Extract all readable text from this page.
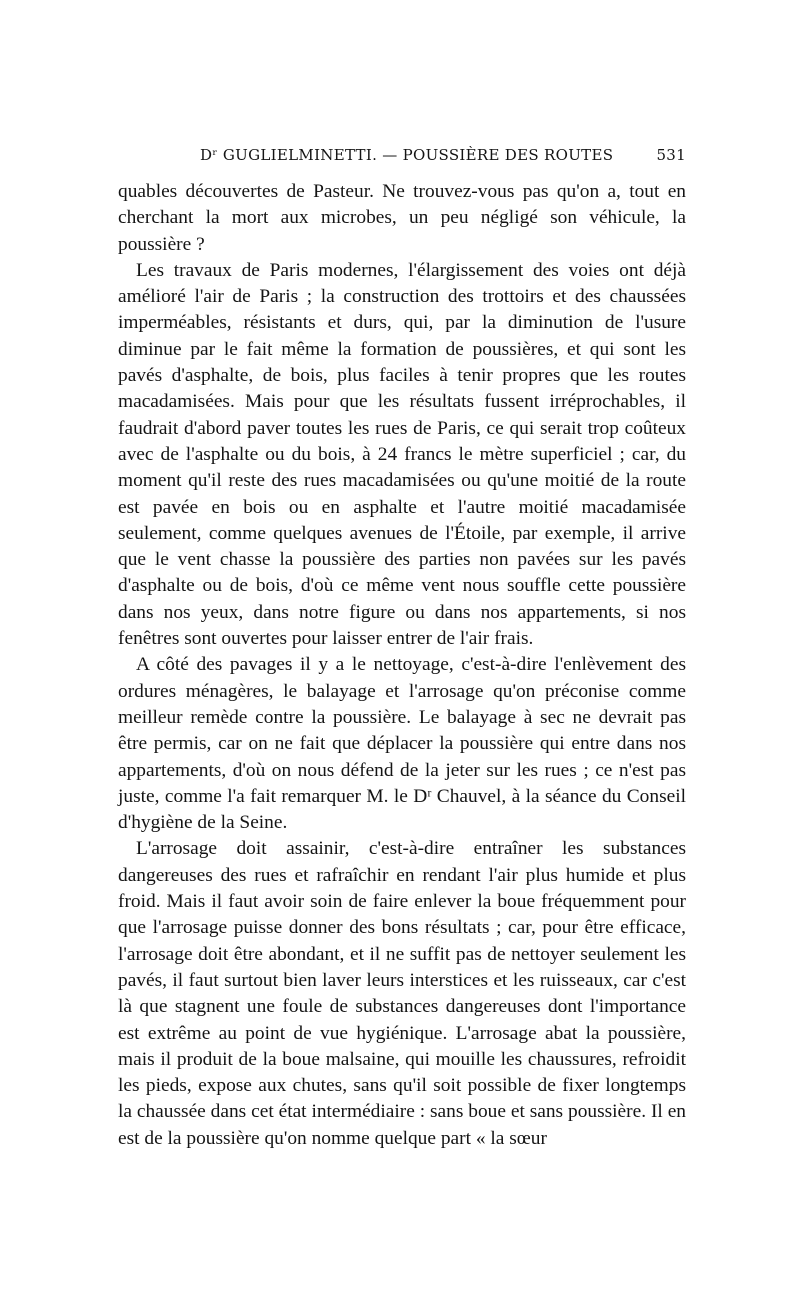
Dʳ GUGLIELMINETTI. — POUSSIÈRE DES ROUTES	531

quables découvertes de Pasteur. Ne trouvez-vous pas qu'on a, tout en cherchant la mort aux microbes, un peu négligé son véhicule, la poussière ?

Les travaux de Paris modernes, l'élargissement des voies ont déjà amélioré l'air de Paris ; la construction des trottoirs et des chaussées imperméables, résistants et durs, qui, par la diminution de l'usure diminue par le fait même la formation de poussières, et qui sont les pavés d'asphalte, de bois, plus faciles à tenir propres que les routes macadamisées. Mais pour que les résultats fussent irréprochables, il faudrait d'abord paver toutes les rues de Paris, ce qui serait trop coûteux avec de l'asphalte ou du bois, à 24 francs le mètre superficiel ; car, du moment qu'il reste des rues macadamisées ou qu'une moitié de la route est pavée en bois ou en asphalte et l'autre moitié macadamisée seulement, comme quelques avenues de l'Étoile, par exemple, il arrive que le vent chasse la poussière des parties non pavées sur les pavés d'asphalte ou de bois, d'où ce même vent nous souffle cette poussière dans nos yeux, dans notre figure ou dans nos appartements, si nos fenêtres sont ouvertes pour laisser entrer de l'air frais.

A côté des pavages il y a le nettoyage, c'est-à-dire l'enlèvement des ordures ménagères, le balayage et l'arrosage qu'on préconise comme meilleur remède contre la poussière. Le balayage à sec ne devrait pas être permis, car on ne fait que déplacer la poussière qui entre dans nos appartements, d'où on nous défend de la jeter sur les rues ; ce n'est pas juste, comme l'a fait remarquer M. le Dʳ Chauvel, à la séance du Conseil d'hygiène de la Seine.

L'arrosage doit assainir, c'est-à-dire entraîner les substances dangereuses des rues et rafraîchir en rendant l'air plus humide et plus froid. Mais il faut avoir soin de faire enlever la boue fréquemment pour que l'arrosage puisse donner des bons résultats ; car, pour être efficace, l'arrosage doit être abondant, et il ne suffit pas de nettoyer seulement les pavés, il faut surtout bien laver leurs interstices et les ruisseaux, car c'est là que stagnent une foule de substances dangereuses dont l'importance est extrême au point de vue hygiénique. L'arrosage abat la poussière, mais il produit de la boue malsaine, qui mouille les chaussures, refroidit les pieds, expose aux chutes, sans qu'il soit possible de fixer longtemps la chaussée dans cet état intermédiaire : sans boue et sans poussière. Il en est de la poussière qu'on nomme quelque part « la sœur
